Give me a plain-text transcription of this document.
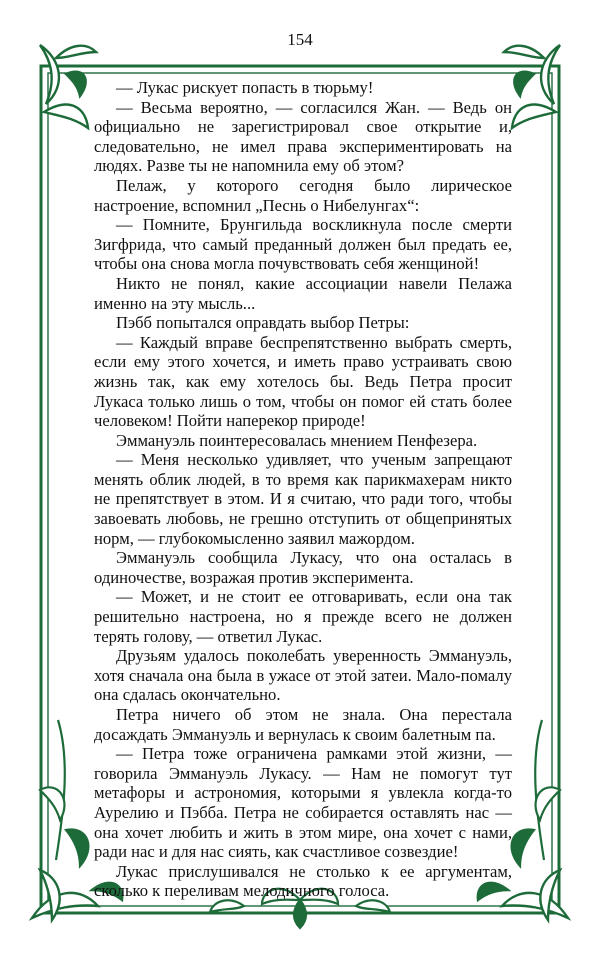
154

— Лукас рискует попасть в тюрьму!

— Весьма вероятно, — согласился Жан. — Ведь он официально не зарегистрировал свое открытие и, следовательно, не имел права экспериментировать на людях. Разве ты не напомнила ему об этом?

Пелаж, у которого сегодня было лирическое настроение, вспомнил „Песнь о Нибелунгах“:

— Помните, Брунгильда воскликнула после смерти Зигфрида, что самый преданный должен был предать ее, чтобы она снова могла почувствовать себя женщиной!

Никто не понял, какие ассоциации навели Пелажа именно на эту мысль...

Пэбб попытался оправдать выбор Петры:

— Каждый вправе беспрепятственно выбрать смерть, если ему этого хочется, и иметь право устраивать свою жизнь так, как ему хотелось бы. Ведь Петра просит Лукаса только лишь о том, чтобы он помог ей стать более человеком! Пойти наперекор природе!

Эммануэль поинтересовалась мнением Пенфезера.

— Меня несколько удивляет, что ученым запрещают менять облик людей, в то время как парикмахерам никто не препятствует в этом. И я считаю, что ради того, чтобы завоевать любовь, не грешно отступить от общепринятых норм, — глубокомысленно заявил мажордом.

Эммануэль сообщила Лукасу, что она осталась в одиночестве, возражая против эксперимента.

— Может, и не стоит ее отговаривать, если она так решительно настроена, но я прежде всего не должен терять голову, — ответил Лукас.

Друзьям удалось поколебать уверенность Эммануэль, хотя сначала она была в ужасе от этой затеи. Мало-помалу она сдалась окончательно.

Петра ничего об этом не знала. Она перестала досаждать Эммануэль и вернулась к своим балетным па.

— Петра тоже ограничена рамками этой жизни, — говорила Эммануэль Лукасу. — Нам не помогут тут метафоры и астрономия, которыми я увлекла когда-то Аурелию и Пэбба. Петра не собирается оставлять нас — она хочет любить и жить в этом мире, она хочет с нами, ради нас и для нас сиять, как счастливое созвездие!

Лукас прислушивался не столько к ее аргументам, сколько к переливам мелодичного голоса.
